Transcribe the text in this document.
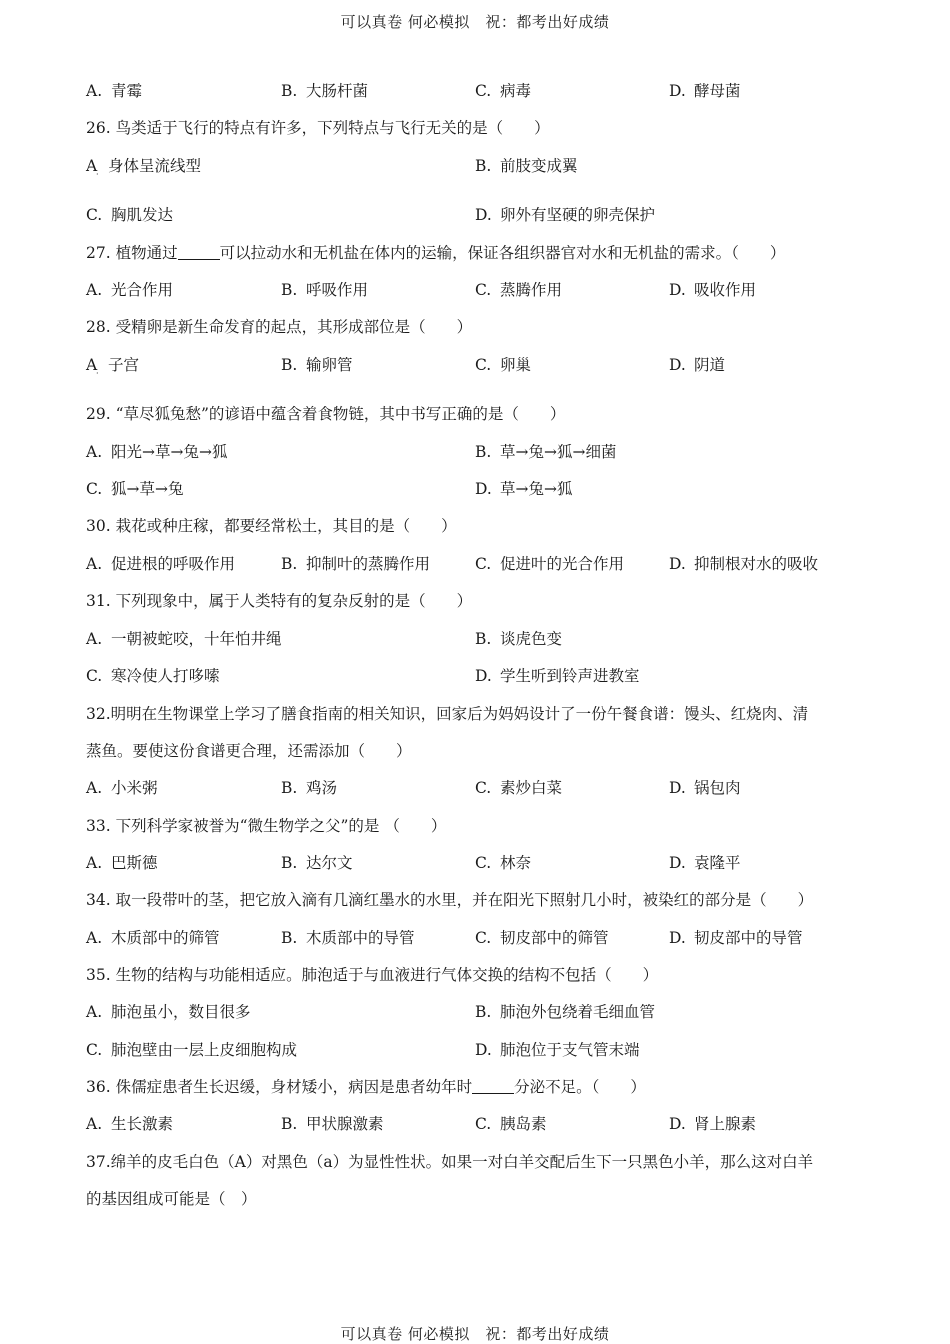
可以真卷 何必模拟　祝：都考出好成绩
A. 青霉	B. 大肠杆菌	C. 病毒	D. 酵母菌
26. 鸟类适于飞行的特点有许多，下列特点与飞行无关的是（　　）
A 身体呈流线型
·	B. 前肢变成翼
C. 胸肌发达	D. 卵外有坚硬的卵壳保护
27. 植物通过	可以拉动水和无机盐在体内的运输，保证各组织器官对水和无机盐的需求。（　　）
A. 光合作用	B. 呼吸作用	C. 蒸腾作用	D. 吸收作用
28. 受精卵是新生命发育的起点，其形成部位是（　　）
A 子宫
·	B. 输卵管	C. 卵巢	D. 阴道
29. “草尽狐兔愁”的谚语中蕴含着食物链，其中书写正确的是（　　）
A. 阳光→草→兔→狐	B. 草→兔→狐→细菌
C. 狐→草→兔	D. 草→兔→狐
30. 栽花或种庄稼，都要经常松土，其目的是（　　）
A. 促进根的呼吸作用	B. 抑制叶的蒸腾作用	C. 促进叶的光合作用	D. 抑制根对水的吸收
31. 下列现象中，属于人类特有的复杂反射的是（　　）
A. 一朝被蛇咬，十年怕井绳	B. 谈虎色变
C. 寒冷使人打哆嗦	D. 学生听到铃声进教室
32.明明在生物课堂上学习了膳食指南的相关知识，回家后为妈妈设计了一份午餐食谱：馒头、红烧肉、清
蒸鱼。要使这份食谱更合理，还需添加（　　）
A. 小米粥	B. 鸡汤	C. 素炒白菜	D. 锅包肉
33. 下列科学家被誉为“微生物学之父”的是 （　　）
A. 巴斯德	B. 达尔文	C. 林奈	D. 袁隆平
34. 取一段带叶的茎，把它放入滴有几滴红墨水的水里，并在阳光下照射几小时，被染红的部分是（　　）
A. 木质部中的筛管	B. 木质部中的导管	C. 韧皮部中的筛管	D. 韧皮部中的导管
35. 生物的结构与功能相适应。肺泡适于与血液进行气体交换的结构不包括（　　）
A. 肺泡虽小，数目很多	B. 肺泡外包绕着毛细血管
C. 肺泡壁由一层上皮细胞构成	D. 肺泡位于支气管末端
36. 侏儒症患者生长迟缓，身材矮小，病因是患者幼年时	分泌不足。（　　）
A. 生长激素	B. 甲状腺激素	C. 胰岛素	D. 肾上腺素
37.绵羊的皮毛白色（A）对黑色（a）为显性性状。如果一对白羊交配后生下一只黑色小羊，那么这对白羊
的基因组成可能是（　）
可以真卷 何必模拟　祝：都考出好成绩
